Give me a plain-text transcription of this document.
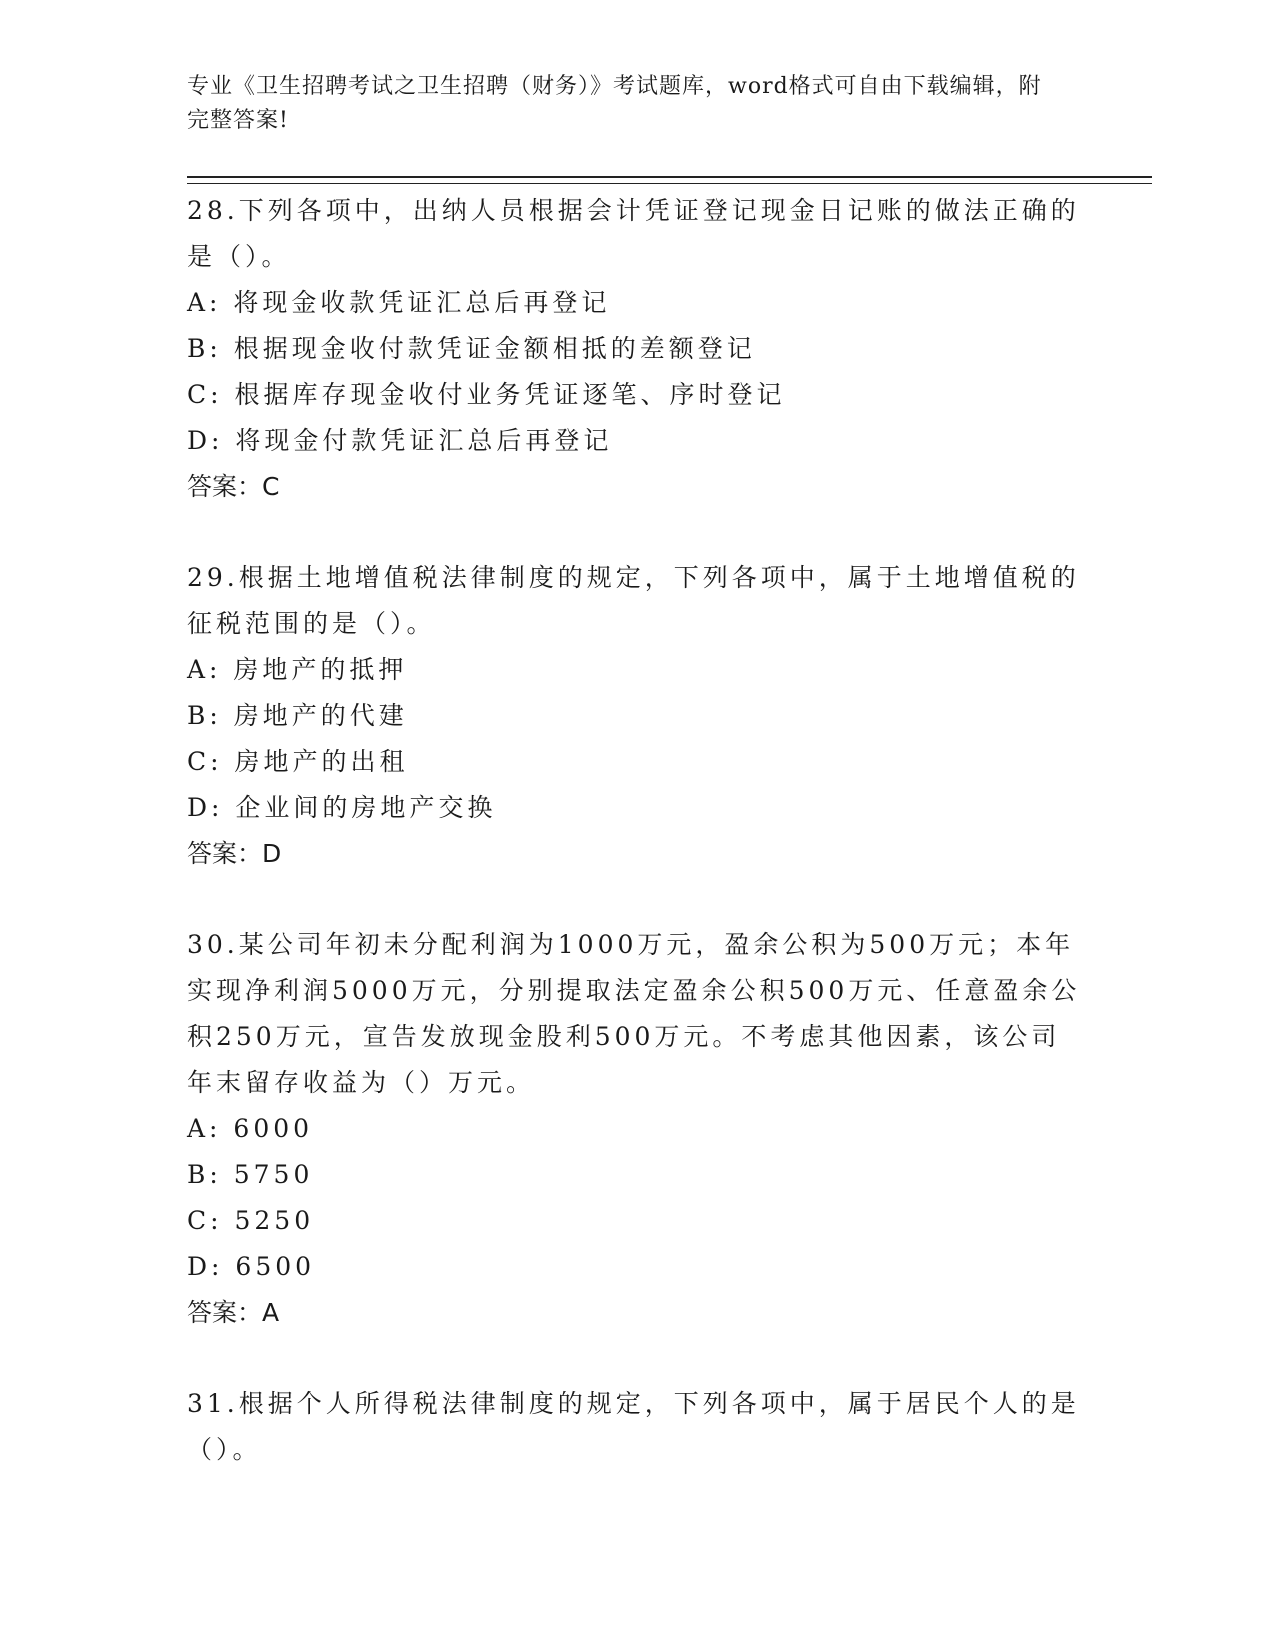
专业《卫生招聘考试之卫生招聘（财务）》考试题库，word格式可自由下载编辑，附完整答案!

28.下列各项中，出纳人员根据会计凭证登记现金日记账的做法正确的是（）。

A: 将现金收款凭证汇总后再登记

B: 根据现金收付款凭证金额相抵的差额登记

C: 根据库存现金收付业务凭证逐笔、序时登记

D: 将现金付款凭证汇总后再登记

答案：C

29.根据土地增值税法律制度的规定，下列各项中，属于土地增值税的征税范围的是（）。

A: 房地产的抵押

B: 房地产的代建

C: 房地产的出租

D: 企业间的房地产交换

答案：D

30.某公司年初未分配利润为1000万元，盈余公积为500万元；本年实现净利润5000万元，分别提取法定盈余公积500万元、任意盈余公积250万元，宣告发放现金股利500万元。不考虑其他因素，该公司年末留存收益为（）万元。

A: 6000

B: 5750

C: 5250

D: 6500

答案：A

31.根据个人所得税法律制度的规定，下列各项中，属于居民个人的是（）。
